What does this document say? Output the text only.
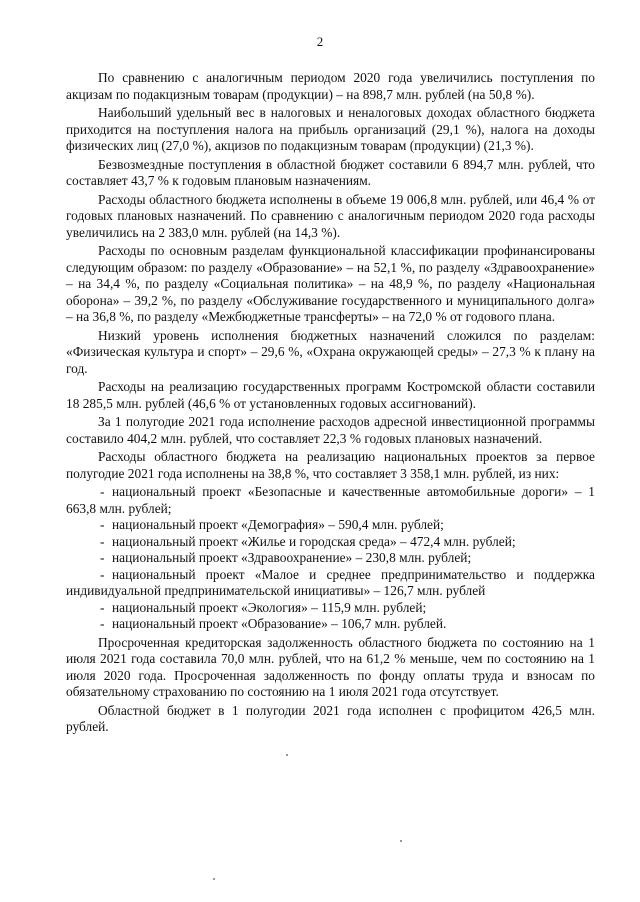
2

По сравнению с аналогичным периодом 2020 года увеличились поступления по акцизам по подакцизным товарам (продукции) – на 898,7 млн. рублей (на 50,8 %).

Наибольший удельный вес в налоговых и неналоговых доходах областного бюджета приходится на поступления налога на прибыль организаций (29,1 %), налога на доходы физических лиц (27,0 %), акцизов по подакцизным товарам (продукции) (21,3 %).

Безвозмездные поступления в областной бюджет составили 6 894,7 млн. рублей, что составляет 43,7 % к годовым плановым назначениям.

Расходы областного бюджета исполнены в объеме 19 006,8 млн. рублей, или 46,4 % от годовых плановых назначений. По сравнению с аналогичным периодом 2020 года расходы увеличились на 2 383,0 млн. рублей (на 14,3 %).

Расходы по основным разделам функциональной классификации профинансированы следующим образом: по разделу «Образование» – на 52,1 %, по разделу «Здравоохранение» – на 34,4 %, по разделу «Социальная политика» – на 48,9 %, по разделу «Национальная оборона» – 39,2 %, по разделу «Обслуживание государственного и муниципального долга» – на 36,8 %, по разделу «Межбюджетные трансферты» – на 72,0 % от годового плана.

Низкий уровень исполнения бюджетных назначений сложился по разделам: «Физическая культура и спорт» – 29,6 %, «Охрана окружающей среды» – 27,3 % к плану на год.

Расходы на реализацию государственных программ Костромской области составили 18 285,5 млн. рублей (46,6 % от установленных годовых ассигнований).

За 1 полугодие 2021 года исполнение расходов адресной инвестиционной программы составило 404,2 млн. рублей, что составляет 22,3 % годовых плановых назначений.

Расходы областного бюджета на реализацию национальных проектов за первое полугодие 2021 года исполнены на 38,8 %, что составляет 3 358,1 млн. рублей, из них:

- национальный проект «Безопасные и качественные автомобильные дороги» – 1 663,8 млн. рублей;
- национальный проект «Демография» – 590,4 млн. рублей;
- национальный проект «Жилье и городская среда» – 472,4 млн. рублей;
- национальный проект «Здравоохранение» – 230,8 млн. рублей;
- национальный проект «Малое и среднее предпринимательство и поддержка индивидуальной предпринимательской инициативы» – 126,7 млн. рублей
- национальный проект «Экология» – 115,9 млн. рублей;
- национальный проект «Образование» – 106,7 млн. рублей.

Просроченная кредиторская задолженность областного бюджета по состоянию на 1 июля 2021 года составила 70,0 млн. рублей, что на 61,2 % меньше, чем по состоянию на 1 июля 2020 года. Просроченная задолженность по фонду оплаты труда и взносам по обязательному страхованию по состоянию на 1 июля 2021 года отсутствует.

Областной бюджет в 1 полугодии 2021 года исполнен с профицитом 426,5 млн. рублей.
